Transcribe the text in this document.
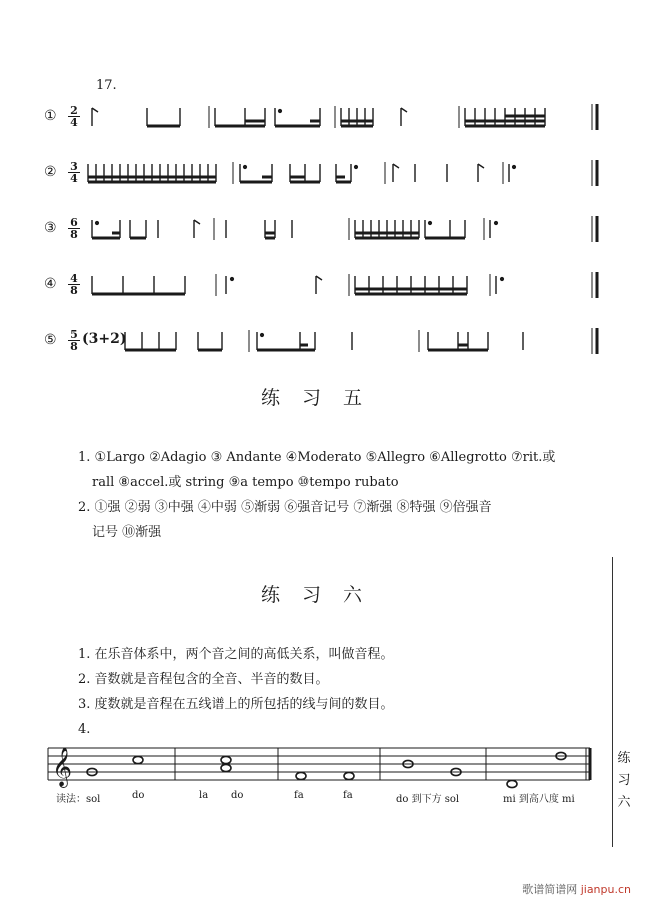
17.
①
②
③
④
⑤
$\frac{2}{4}$
$\frac{3}{4}$
$\frac{6}{8}$
$\frac{4}{8}$
$\frac{5}{8} (3+2)$
练习五
1. ①Largo ②Adagio ③ Andante ④Moderato ⑤Allegro ⑥Allegrotto ⑦rit.或
rall ⑧accel.或 string ⑨a tempo ⑩tempo rubato
2. ①强 ②弱 ③中强 ④中弱 ⑤渐弱 ⑥强音记号 ⑦渐强 ⑧特强 ⑨倍强音
记号 ⑩渐强
练习六
1. 在乐音体系中，两个音之间的高低关系，叫做音程。
2. 音数就是音程包含的全音、半音的数目。
3. 度数就是音程在五线谱上的所包括的线与间的数目。
4.
𝄞
读法：sol	do	la do	fa	fa	do 到下方 sol	mi 到高八度 mi
练
习
六
歌谱简谱网 jianpu.cn
